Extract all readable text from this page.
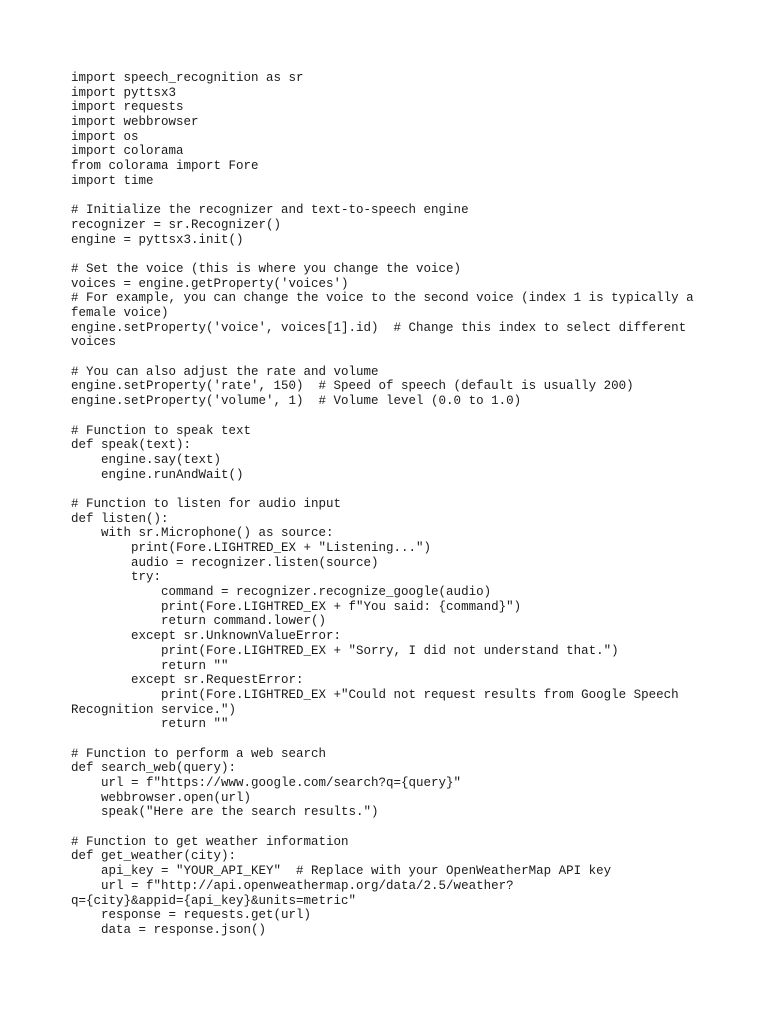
import speech_recognition as sr
import pyttsx3
import requests
import webbrowser
import os
import colorama
from colorama import Fore
import time
# Initialize the recognizer and text-to-speech engine
recognizer = sr.Recognizer()
engine = pyttsx3.init()
# Set the voice (this is where you change the voice)
voices = engine.getProperty('voices')
# For example, you can change the voice to the second voice (index 1 is typically a
female voice)
engine.setProperty('voice', voices[1].id)  # Change this index to select different
voices
# You can also adjust the rate and volume
engine.setProperty('rate', 150)  # Speed of speech (default is usually 200)
engine.setProperty('volume', 1)  # Volume level (0.0 to 1.0)
# Function to speak text
def speak(text):
engine.say(text)
engine.runAndWait()
# Function to listen for audio input
def listen():
with sr.Microphone() as source:
print(Fore.LIGHTRED_EX + "Listening...")
audio = recognizer.listen(source)
try:
command = recognizer.recognize_google(audio)
print(Fore.LIGHTRED_EX + f"You said: {command}")
return command.lower()
except sr.UnknownValueError:
print(Fore.LIGHTRED_EX + "Sorry, I did not understand that.")
return ""
except sr.RequestError:
print(Fore.LIGHTRED_EX +"Could not request results from Google Speech
Recognition service.")
return ""
# Function to perform a web search
def search_web(query):
url = f"https://www.google.com/search?q={query}"
webbrowser.open(url)
speak("Here are the search results.")
# Function to get weather information
def get_weather(city):
api_key = "YOUR_API_KEY"  # Replace with your OpenWeatherMap API key
url = f"http://api.openweathermap.org/data/2.5/weather?
q={city}&appid={api_key}&units=metric"
response = requests.get(url)
data = response.json()
